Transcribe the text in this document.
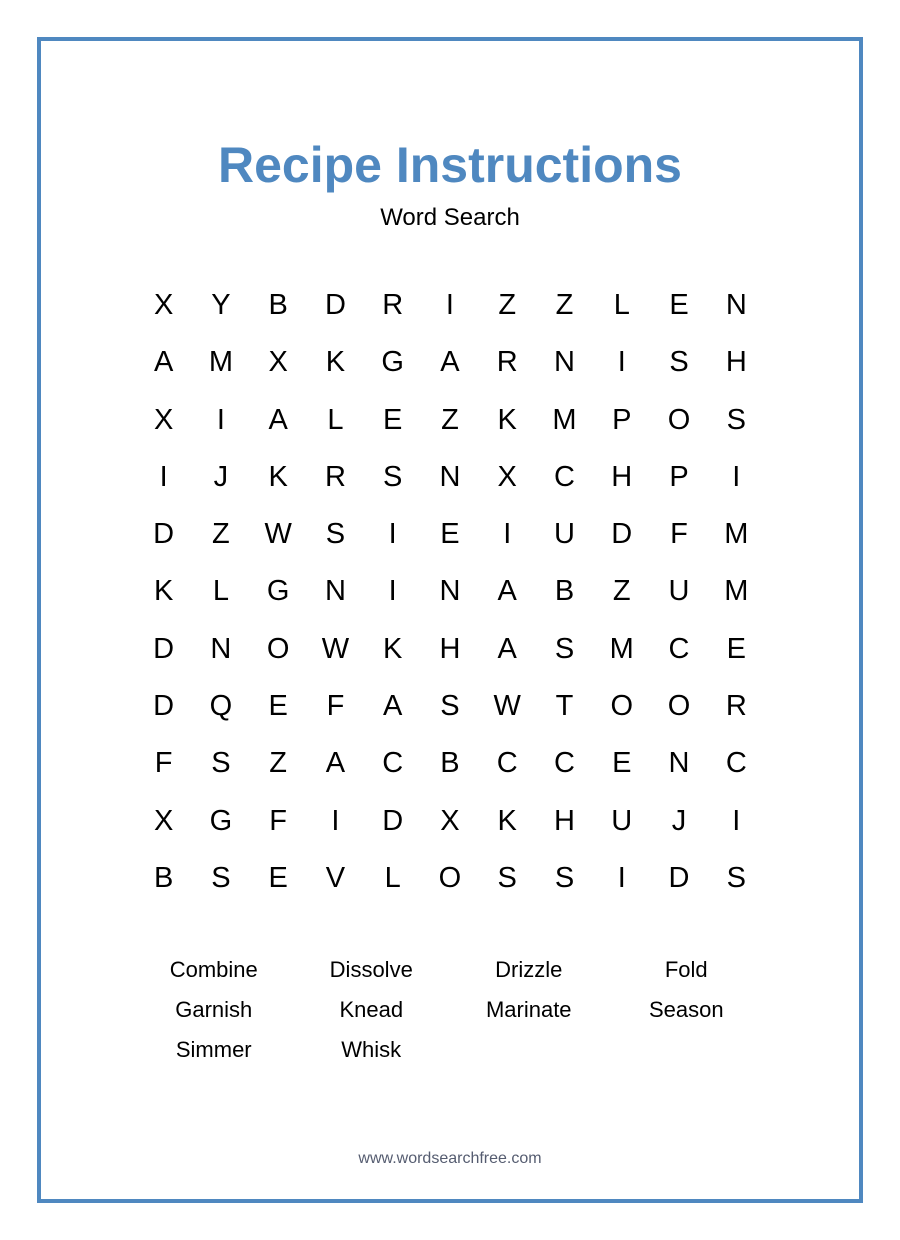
Recipe Instructions
Word Search
X	Y	B	D	R	I	Z	Z	L	E	N
A	M	X	K	G	A	R	N	I	S	H
X	I	A	L	E	Z	K	M	P	O	S
I	J	K	R	S	N	X	C	H	P	I
D	Z	W	S	I	E	I	U	D	F	M
K	L	G	N	I	N	A	B	Z	U	M
D	N	O	W	K	H	A	S	M	C	E
D	Q	E	F	A	S	W	T	O	O	R
F	S	Z	A	C	B	C	C	E	N	C
X	G	F	I	D	X	K	H	U	J	I
B	S	E	V	L	O	S	S	I	D	S
Combine	Dissolve	Drizzle	Fold
Garnish	Knead	Marinate	Season
Simmer	Whisk
www.wordsearchfree.com
